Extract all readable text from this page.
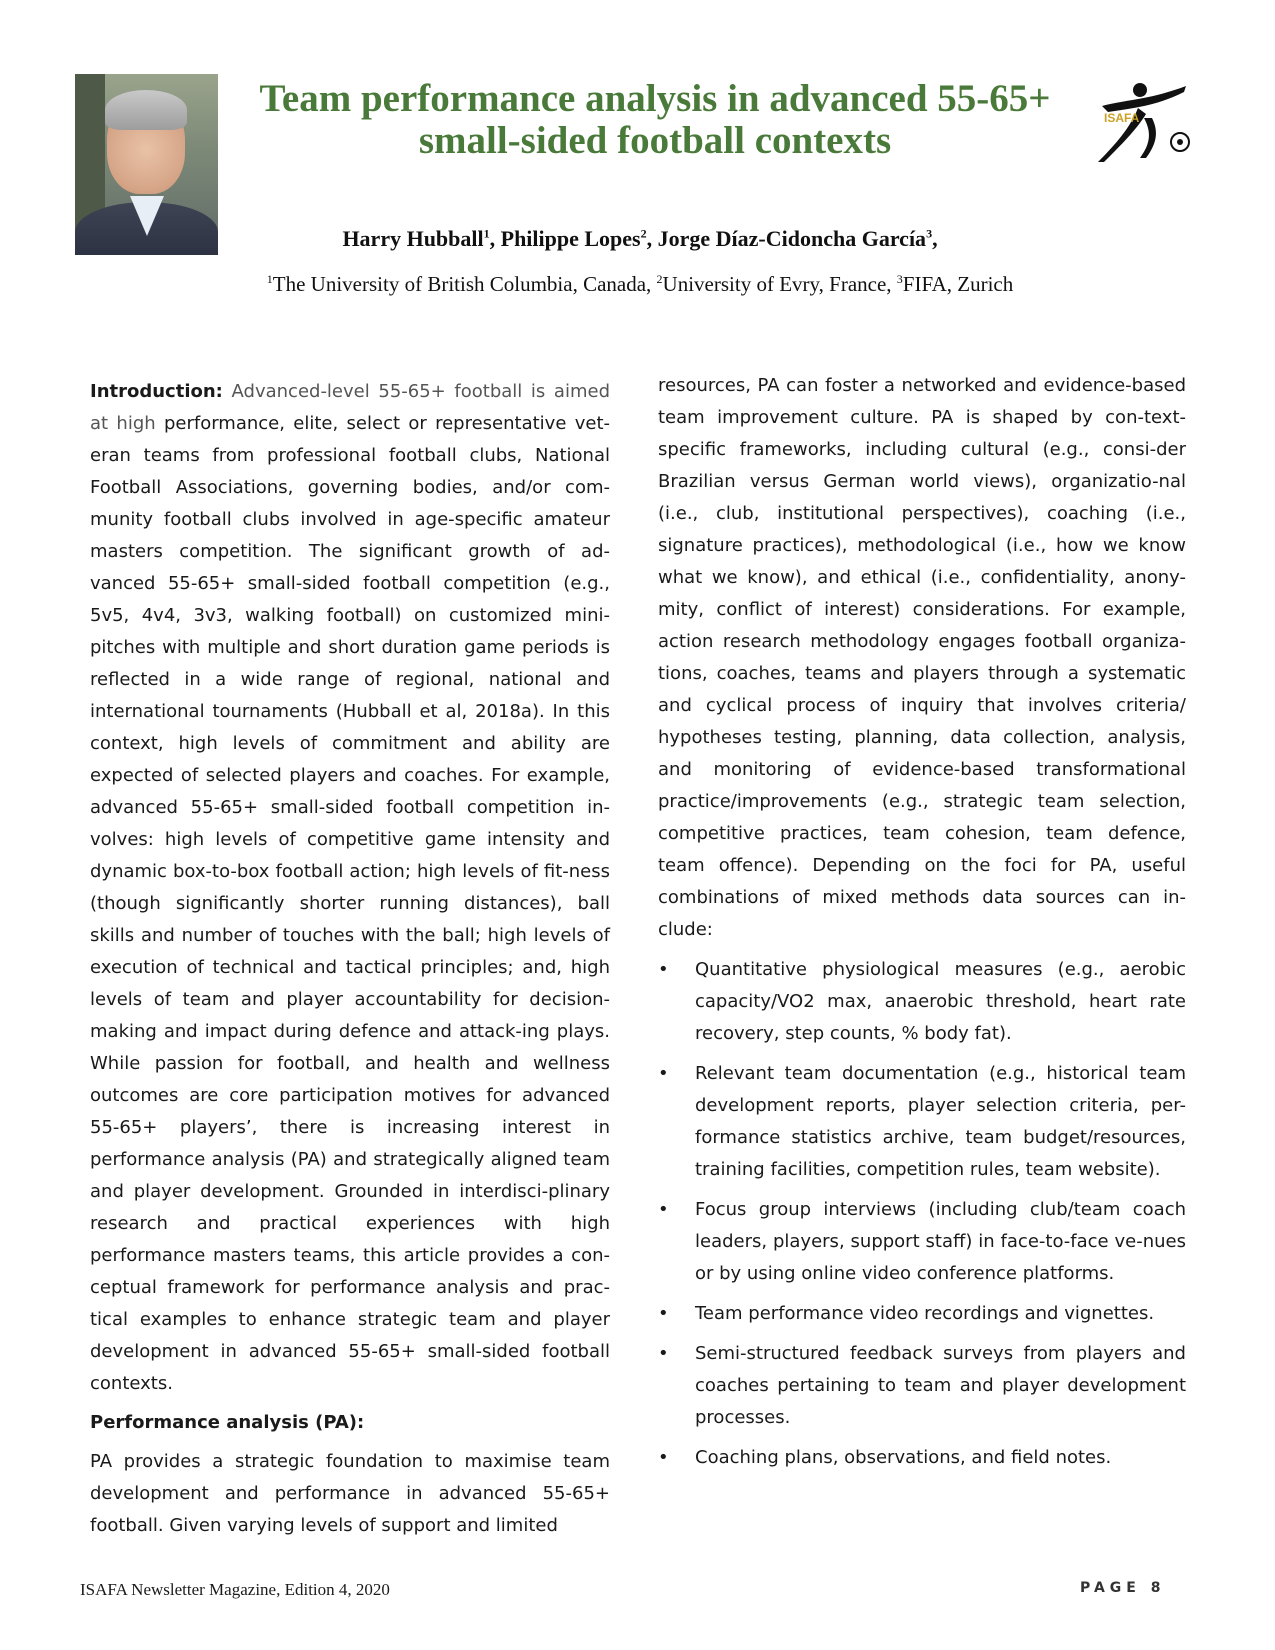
Team performance analysis in advanced 55-65+
small-sided football contexts
ISAFA
Harry Hubball$^1$, Philippe Lopes$^2$, Jorge Díaz-Cidoncha García$^3$,
$^1$The University of British Columbia, Canada, $^2$University of Evry, France, $^3$FIFA, Zurich

Introduction: Advanced-level 55-65+ football is aimed at high performance, elite, select or representative vet-eran teams from professional football clubs, National Football Associations, governing bodies, and/or com-munity football clubs involved in age-specific amateur masters competition. The significant growth of ad-vanced 55-65+ small-sided football competition (e.g., 5v5, 4v4, 3v3, walking football) on customized mini-pitches with multiple and short duration game periods is reflected in a wide range of regional, national and international tournaments (Hubball et al, 2018a). In this context, high levels of commitment and ability are expected of selected players and coaches. For example, advanced 55-65+ small-sided football competition in-volves: high levels of competitive game intensity and dynamic box-to-box football action; high levels of fit-ness (though significantly shorter running distances), ball skills and number of touches with the ball; high levels of execution of technical and tactical principles; and, high levels of team and player accountability for decision-making and impact during defence and attack-ing plays. While passion for football, and health and wellness outcomes are core participation motives for advanced 55-65+ players’, there is increasing interest in performance analysis (PA) and strategically aligned team and player development. Grounded in interdisci-plinary research and practical experiences with high performance masters teams, this article provides a con-ceptual framework for performance analysis and prac-tical examples to enhance strategic team and player development in advanced 55-65+ small-sided football contexts.

Performance analysis (PA):

PA provides a strategic foundation to maximise team development and performance in advanced 55-65+ football. Given varying levels of support and limited

resources, PA can foster a networked and evidence-based team improvement culture. PA is shaped by con-text-specific frameworks, including cultural (e.g., consi-der Brazilian versus German world views), organizatio-nal (i.e., club, institutional perspectives), coaching (i.e., signature practices), methodological (i.e., how we know what we know), and ethical (i.e., confidentiality, anony-mity, conflict of interest) considerations. For example, action research methodology engages football organiza-tions, coaches, teams and players through a systematic and cyclical process of inquiry that involves criteria/ hypotheses testing, planning, data collection, analysis, and monitoring of evidence-based transformational practice/improvements (e.g., strategic team selection, competitive practices, team cohesion, team defence, team offence). Depending on the foci for PA, useful combinations of mixed methods data sources can in-clude:

• Quantitative physiological measures (e.g., aerobic capacity/VO2 max, anaerobic threshold, heart rate recovery, step counts, % body fat).
• Relevant team documentation (e.g., historical team development reports, player selection criteria, per-formance statistics archive, team budget/resources, training facilities, competition rules, team website).
• Focus group interviews (including club/team coach leaders, players, support staff) in face-to-face ve-nues or by using online video conference platforms.
• Team performance video recordings and vignettes.
• Semi-structured feedback surveys from players and coaches pertaining to team and player development processes.
• Coaching plans, observations, and field notes.
ISAFA Newsletter Magazine, Edition 4, 2020	PAGE 8
